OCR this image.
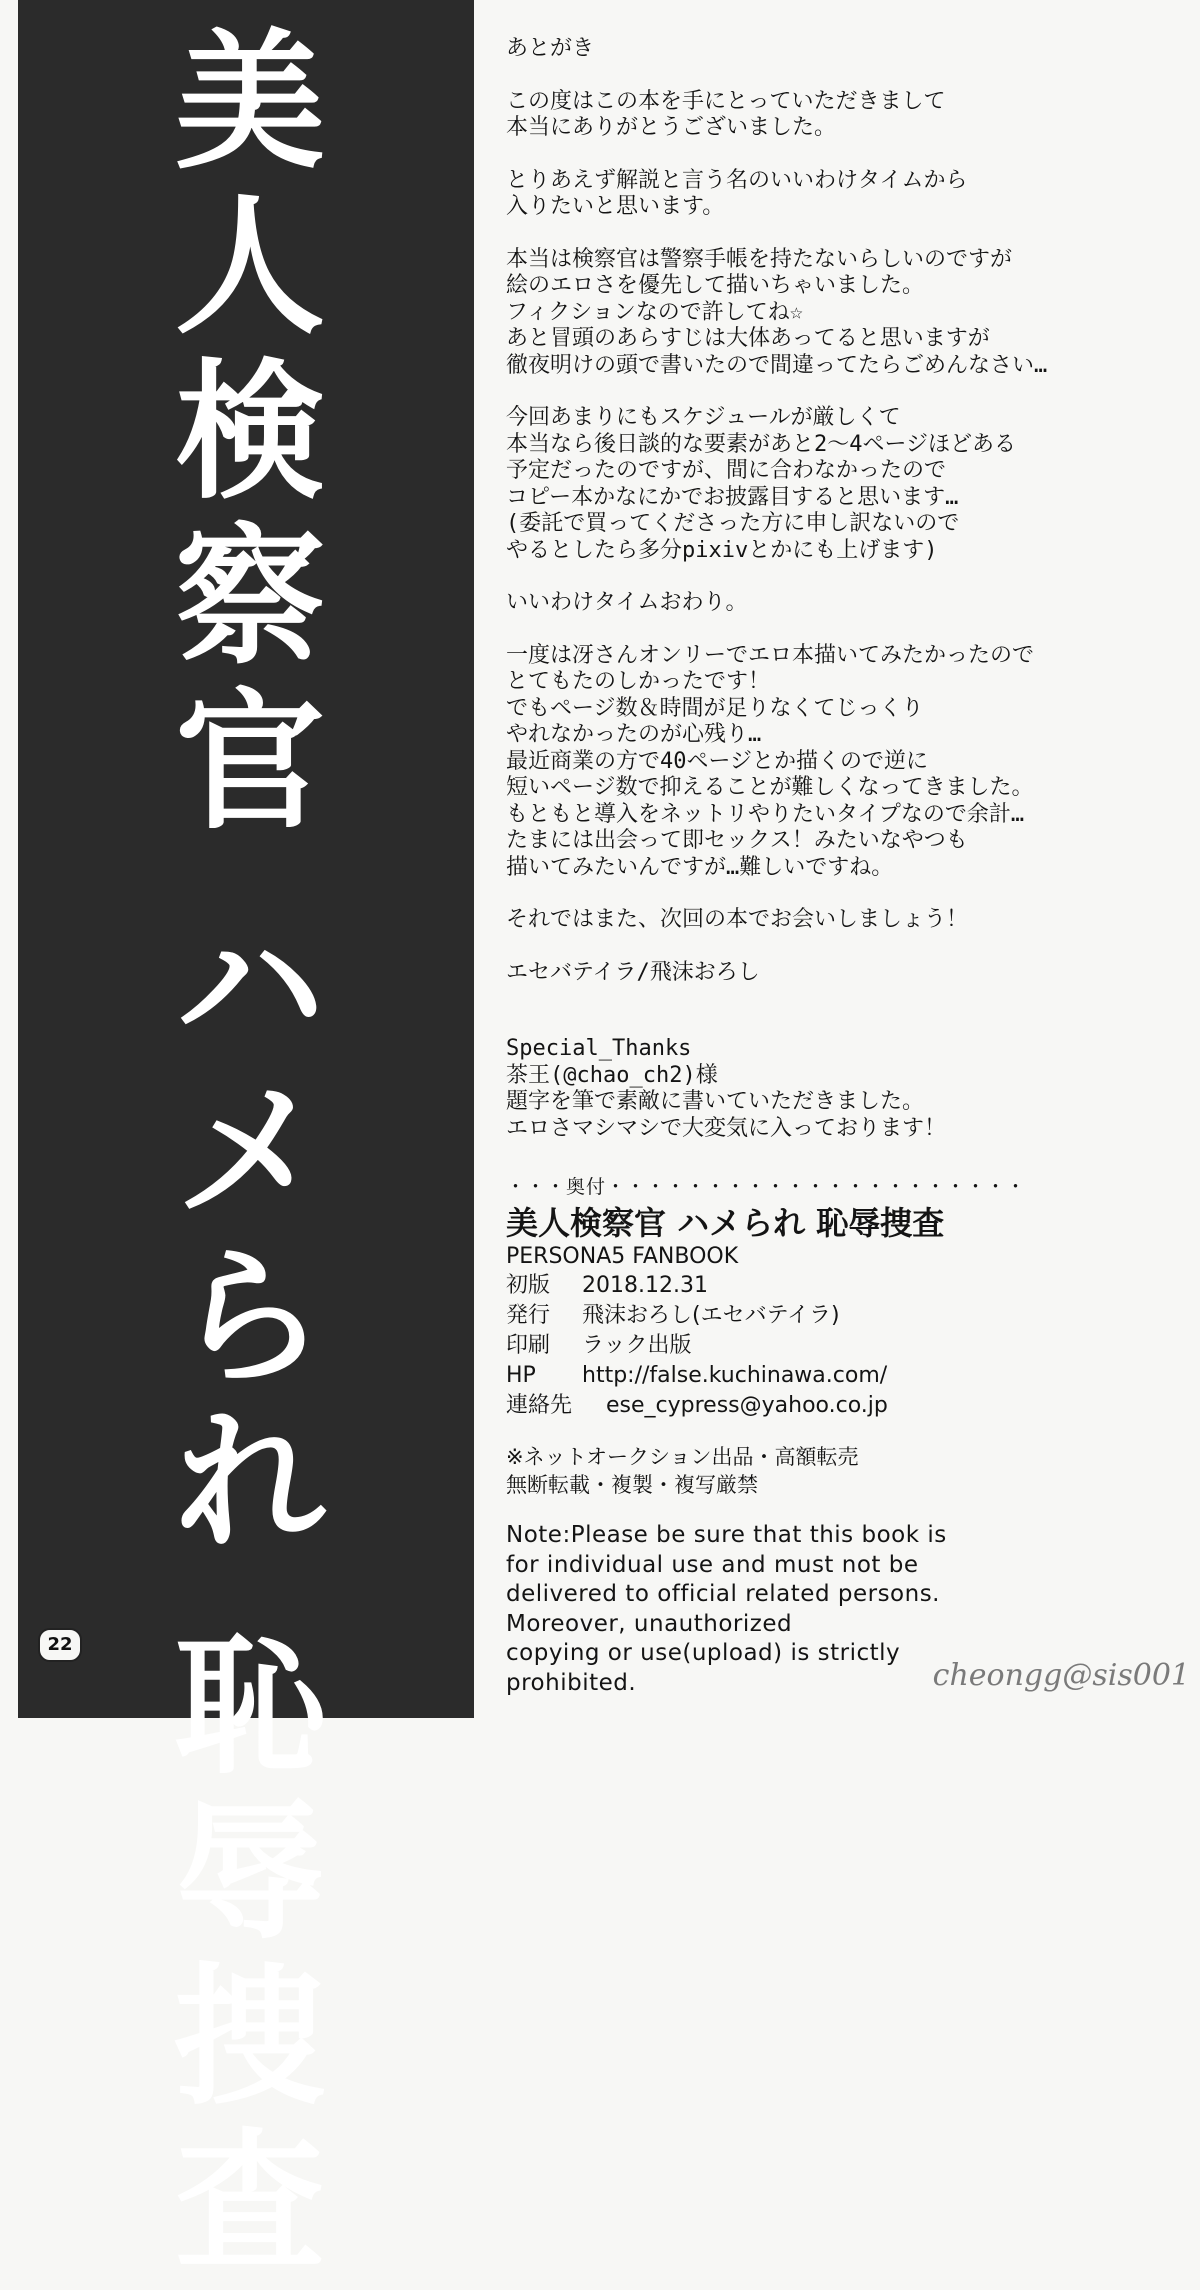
美
人
検
察
官
ハ
メ
ら
れ
恥
辱
捜
査
22
あとがき
この度はこの本を手にとっていただきまして
本当にありがとうございました。
とりあえず解説と言う名のいいわけタイムから
入りたいと思います。
本当は検察官は警察手帳を持たないらしいのですが
絵のエロさを優先して描いちゃいました。
フィクションなので許してね☆
あと冒頭のあらすじは大体あってると思いますが
徹夜明けの頭で書いたので間違ってたらごめんなさい…
今回あまりにもスケジュールが厳しくて
本当なら後日談的な要素があと2～4ページほどある
予定だったのですが、間に合わなかったので
コピー本かなにかでお披露目すると思います…
(委託で買ってくださった方に申し訳ないので
やるとしたら多分pixivとかにも上げます)
いいわけタイムおわり。
一度は冴さんオンリーでエロ本描いてみたかったので
とてもたのしかったです！
でもページ数＆時間が足りなくてじっくり
やれなかったのが心残り…
最近商業の方で40ページとか描くので逆に
短いページ数で抑えることが難しくなってきました。
もともと導入をネットリやりたいタイプなので余計…
たまには出会って即セックス！みたいなやつも
描いてみたいんですが…難しいですね。
それではまた、次回の本でお会いしましょう！
エセバテイラ/飛沫おろし
Special_Thanks
茶王(@chao_ch2)様
題字を筆で素敵に書いていただきました。
エロさマシマシで大変気に入っております！
・・・奥付・・・・・・・・・・・・・・・・・・・・・
美人検察官 ハメられ 恥辱捜査
PERSONA5 FANBOOK
初版	2018.12.31
発行	飛沫おろし(エセバテイラ)
印刷	ラック出版
HP	http://false.kuchinawa.com/
連絡先	ese_cypress@yahoo.co.jp
※ネットオークション出品・高額転売
無断転載・複製・複写厳禁
Note:Please be sure that this book is
for individual use and must not be
delivered to official related persons.
Moreover, unauthorized
copying or use(upload) is strictly
prohibited.	cheongg@sis001
